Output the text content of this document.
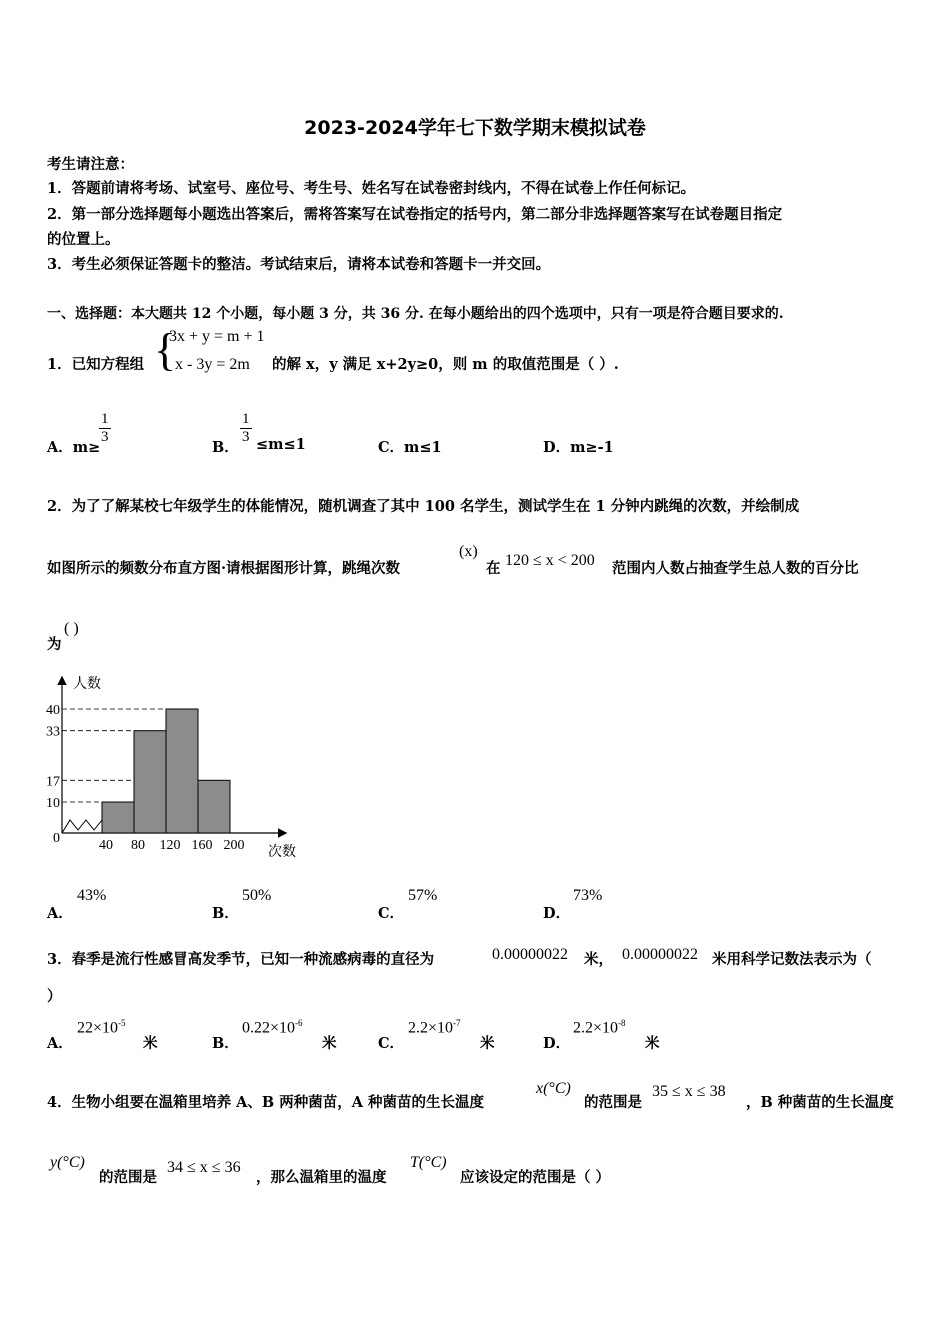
2023-2024学年七下数学期末模拟试卷
考生请注意：
1．答题前请将考场、试室号、座位号、考生号、姓名写在试卷密封线内，不得在试卷上作任何标记。
2．第一部分选择题每小题选出答案后，需将答案写在试卷指定的括号内，第二部分非选择题答案写在试卷题目指定
的位置上。
3．考生必须保证答题卡的整洁。考试结束后，请将本试卷和答题卡一并交回。
一、选择题：本大题共 12 个小题，每小题 3 分，共 36 分. 在每小题给出的四个选项中，只有一项是符合题目要求的.
1．已知方程组 {
3x + y = m + 1
x - 3y = 2m 的解 x，y 满足 x+2y≥0，则 m 的取值范围是（ ）.
A．m≥
$\frac{1}{3}$
B．
$\frac{1}{3} \le m\le 1$	C．m≤1	D．m≥-1
2．为了了解某校七年级学生的体能情况，随机调查了其中 100 名学生，测试学生在 1 分钟内跳绳的次数，并绘制成
如图所示的频数分布直方图·请根据图形计算，跳绳次数
(x)
在 120 ≤ x < 200 范围内人数占抽查学生总人数的百分比
为
( )
40
33
17
10
0	40 80 120 160 200
人数
次数
A．
43%
B．
50%
C．
57%
D．
73%
3．春季是流行性感冒高发季节，已知一种流感病毒的直径为	0.00000022 米， 0.00000022 米用科学记数法表示为（
）
A．
$22\times 10^{-5}$
米	B．
$0.22\times 10^{-6}$
米	C．
$2.2\times 10^{-7}$
米	D．
$2.2\times 10^{-8}$
米
4．生物小组要在温箱里培养 A、B 两种菌苗，A 种菌苗的生长温度
x(°C)
的范围是
35 ≤ x ≤ 38
，B 种菌苗的生长温度
y(°C)
的范围是
34 ≤ x ≤ 36
，那么温箱里的温度
T(°C)
应该设定的范围是（ ）
